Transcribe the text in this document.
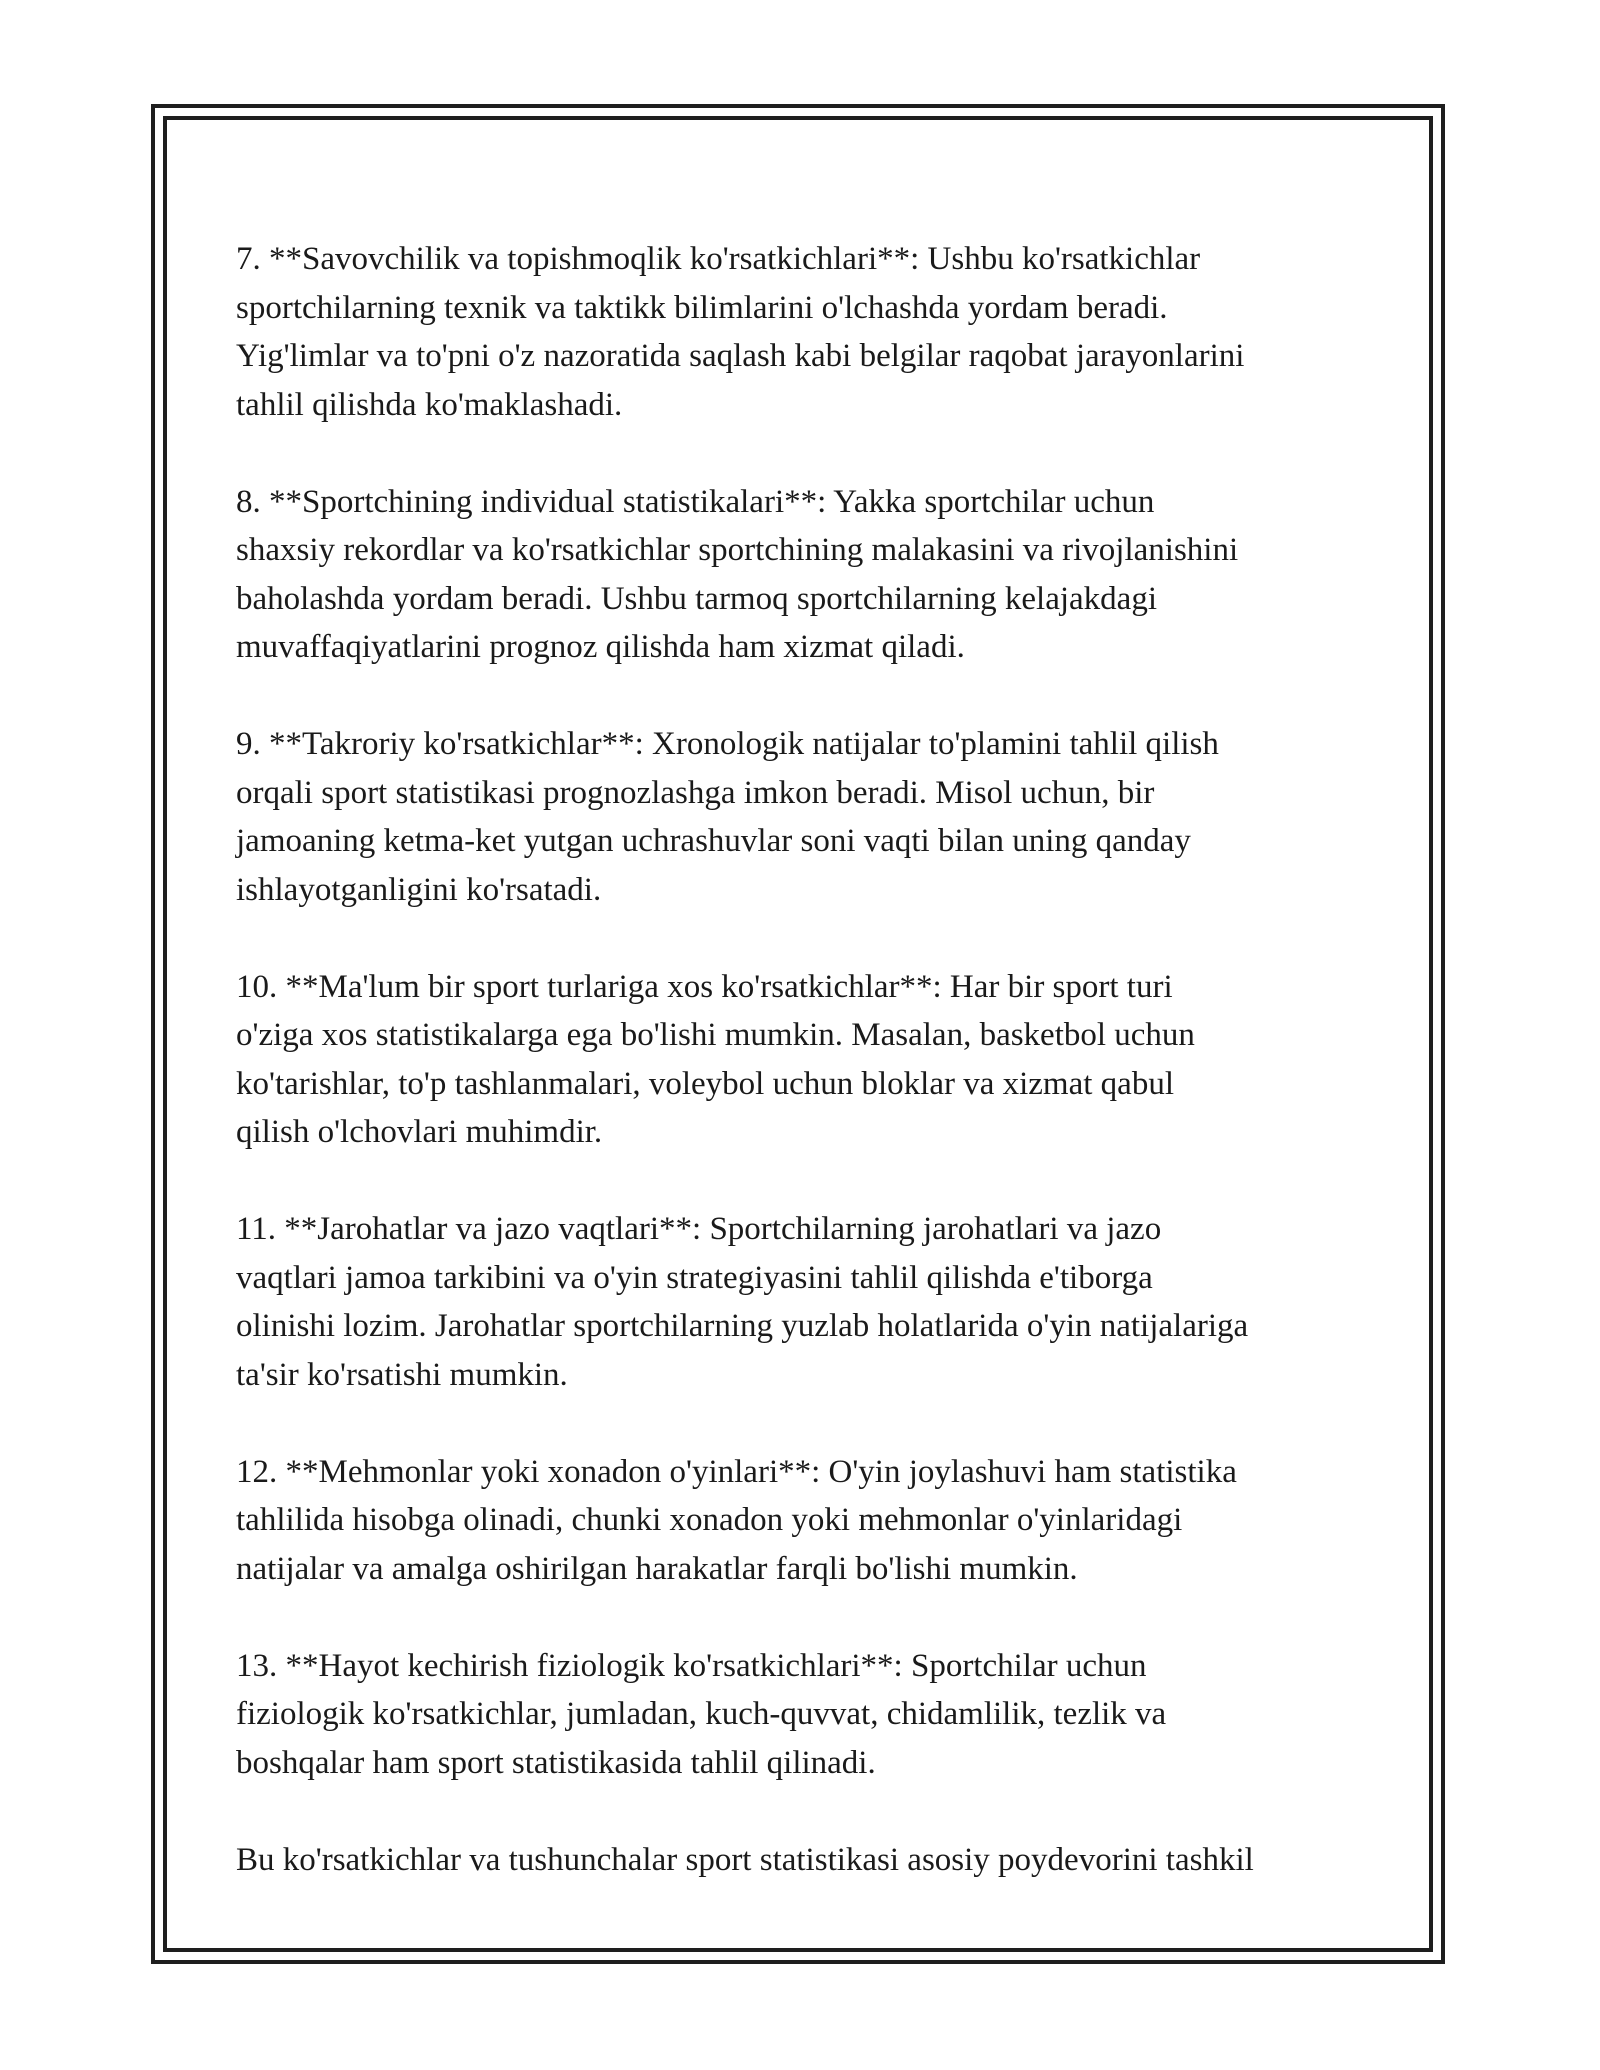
7. **Savovchilik va topishmoqlik ko'rsatkichlari**: Ushbu ko'rsatkichlar
sportchilarning texnik va taktikk bilimlarini o'lchashda yordam beradi.
Yig'limlar va to'pni o'z nazoratida saqlash kabi belgilar raqobat jarayonlarini
tahlil qilishda ko'maklashadi.

8. **Sportchining individual statistikalari**: Yakka sportchilar uchun
shaxsiy rekordlar va ko'rsatkichlar sportchining malakasini va rivojlanishini
baholashda yordam beradi. Ushbu tarmoq sportchilarning kelajakdagi
muvaffaqiyatlarini prognoz qilishda ham xizmat qiladi.

9. **Takroriy ko'rsatkichlar**: Xronologik natijalar to'plamini tahlil qilish
orqali sport statistikasi prognozlashga imkon beradi. Misol uchun, bir
jamoaning ketma-ket yutgan uchrashuvlar soni vaqti bilan uning qanday
ishlayotganligini ko'rsatadi.

10. **Ma'lum bir sport turlariga xos ko'rsatkichlar**: Har bir sport turi
o'ziga xos statistikalarga ega bo'lishi mumkin. Masalan, basketbol uchun
ko'tarishlar, to'p tashlanmalari, voleybol uchun bloklar va xizmat qabul
qilish o'lchovlari muhimdir.

11. **Jarohatlar va jazo vaqtlari**: Sportchilarning jarohatlari va jazo
vaqtlari jamoa tarkibini va o'yin strategiyasini tahlil qilishda e'tiborga
olinishi lozim. Jarohatlar sportchilarning yuzlab holatlarida o'yin natijalariga
ta'sir ko'rsatishi mumkin.

12. **Mehmonlar yoki xonadon o'yinlari**: O'yin joylashuvi ham statistika
tahlilida hisobga olinadi, chunki xonadon yoki mehmonlar o'yinlaridagi
natijalar va amalga oshirilgan harakatlar farqli bo'lishi mumkin.

13. **Hayot kechirish fiziologik ko'rsatkichlari**: Sportchilar uchun
fiziologik ko'rsatkichlar, jumladan, kuch-quvvat, chidamlilik, tezlik va
boshqalar ham sport statistikasida tahlil qilinadi.

Bu ko'rsatkichlar va tushunchalar sport statistikasi asosiy poydevorini tashkil
